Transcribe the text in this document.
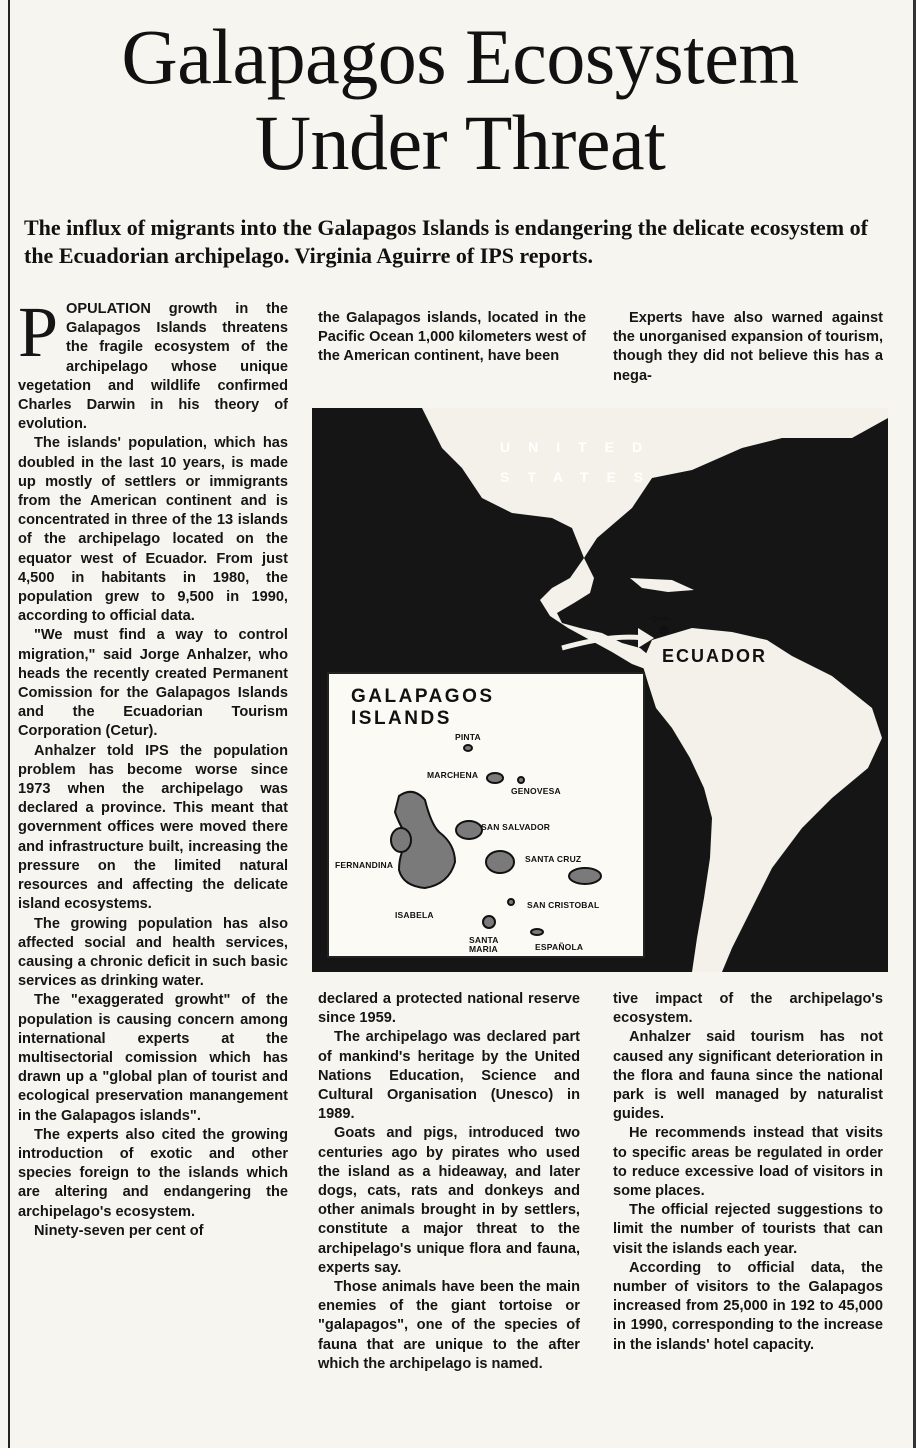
Galapagos Ecosystem
Under Threat
The influx of migrants into the Galapagos Islands is endangering the delicate ecosystem of the Ecuadorian archipelago. Virginia Aguirre of IPS reports.

POPULATION growth in the Galapagos Islands threatens the fragile ecosystem of the archipelago whose unique vegetation and wildlife confirmed Charles Darwin in his theory of evolution.

The islands' population, which has doubled in the last 10 years, is made up mostly of settlers or immigrants from the American continent and is concentrated in three of the 13 islands of the archipelago located on the equator west of Ecuador. From just 4,500 in habitants in 1980, the population grew to 9,500 in 1990, according to official data.

"We must find a way to control migration," said Jorge Anhalzer, who heads the recently created Permanent Comission for the Galapagos Islands and the Ecuadorian Tourism Corporation (Cetur).

Anhalzer told IPS the population problem has become worse since 1973 when the archipelago was declared a province. This meant that government offices were moved there and infrastructure built, increasing the pressure on the limited natural resources and affecting the delicate island ecosystems.

The growing population has also affected social and health services, causing a chronic deficit in such basic services as drinking water.

The "exaggerated growht" of the population is causing concern among international experts at the multisectorial comission which has drawn up a "global plan of tourist and ecological preservation manangement in the Galapagos islands".

The experts also cited the growing introduction of exotic and other species foreign to the islands which are altering and endangering the archipelago's ecosystem.

Ninety-seven per cent of

the Galapagos islands, located in the Pacific Ocean 1,000 kilometers west of the American continent, have been

Experts have also warned against the unorganised expansion of tourism, though they did not believe this has a nega-

UNITED STATES
Quito
ECUADOR
GALAPAGOS
ISLANDS
PINTA
MARCHENA
GENOVESA
SAN SALVADOR
FERNANDINA
SANTA CRUZ
ISABELA
SAN CRISTOBAL
SANTA
MARIA	ESPAÑOLA

declared a protected national reserve since 1959.

The archipelago was declared part of mankind's heritage by the United Nations Education, Science and Cultural Organisation (Unesco) in 1989.

Goats and pigs, introduced two centuries ago by pirates who used the island as a hideaway, and later dogs, cats, rats and donkeys and other animals brought in by settlers, constitute a major threat to the archipelago's unique flora and fauna, experts say.

Those animals have been the main enemies of the giant tortoise or "galapagos", one of the species of fauna that are unique to the after which the archipelago is named.

tive impact of the archipelago's ecosystem.

Anhalzer said tourism has not caused any significant deterioration in the flora and fauna since the national park is well managed by naturalist guides.

He recommends instead that visits to specific areas be regulated in order to reduce excessive load of visitors in some places.

The official rejected suggestions to limit the number of tourists that can visit the islands each year.

According to official data, the number of visitors to the Galapagos increased from 25,000 in 192 to 45,000 in 1990, corresponding to the increase in the islands' hotel capacity.
